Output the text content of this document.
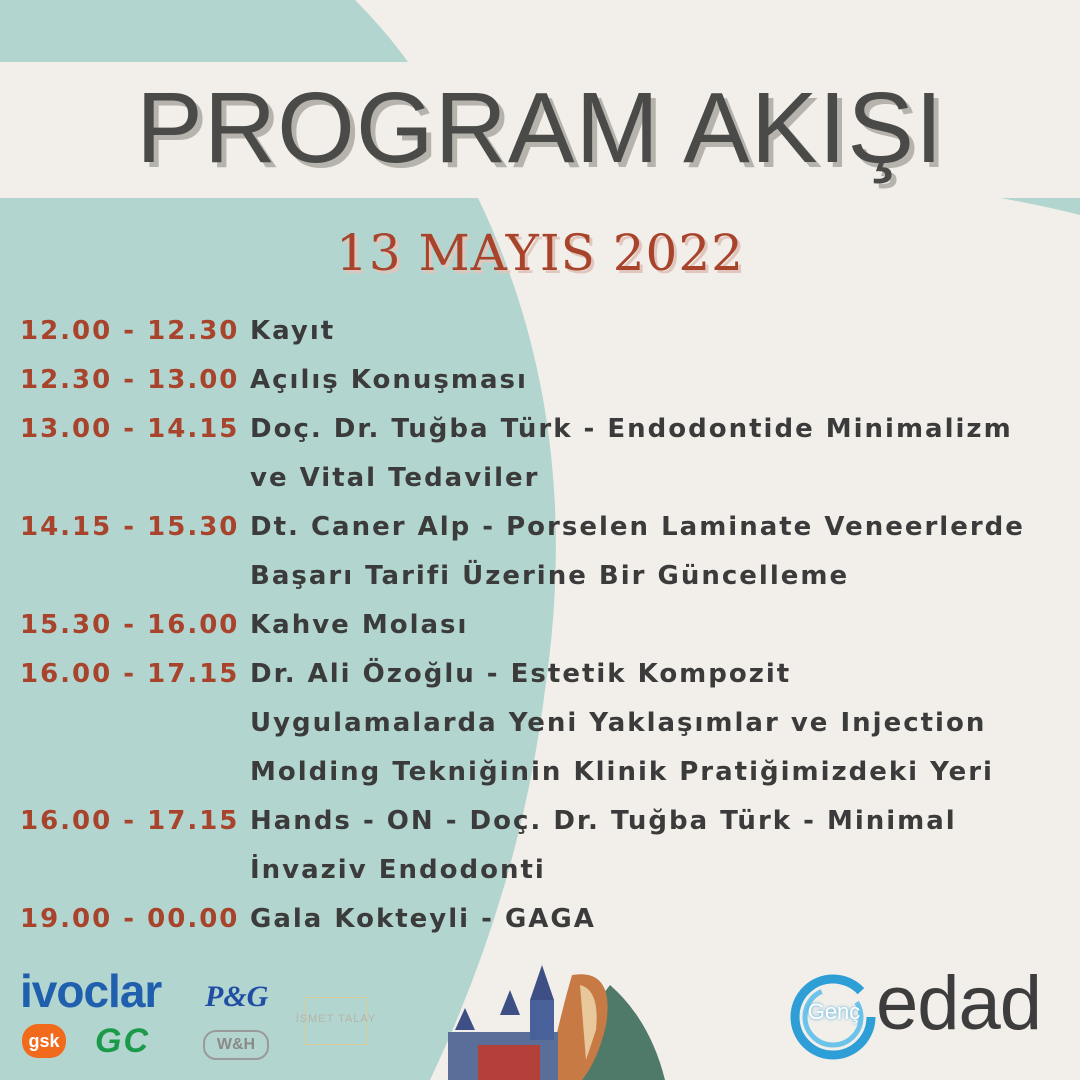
PROGRAM AKIŞI
13 MAYIS 2022
12.00 - 12.30 Kayıt
12.30 - 13.00 Açılış Konuşması
13.00 - 14.15 Doç. Dr. Tuğba Türk - Endodontide Minimalizm
ve Vital Tedaviler
14.15 - 15.30 Dt. Caner Alp - Porselen Laminate Veneerlerde
Başarı Tarifi Üzerine Bir Güncelleme
15.30 - 16.00 Kahve Molası
16.00 - 17.15 Dr. Ali Özoğlu - Estetik Kompozit
Uygulamalarda Yeni Yaklaşımlar ve Injection
Molding Tekniğinin Klinik Pratiğimizdeki Yeri
16.00 - 17.15 Hands - ON - Doç. Dr. Tuğba Türk - Minimal
İnvaziv Endodonti
19.00 - 00.00 Gala Kokteyli - GAGA
ivoclar P&G
gsk GC	W&H
İSMET TALAY	Genç edad
